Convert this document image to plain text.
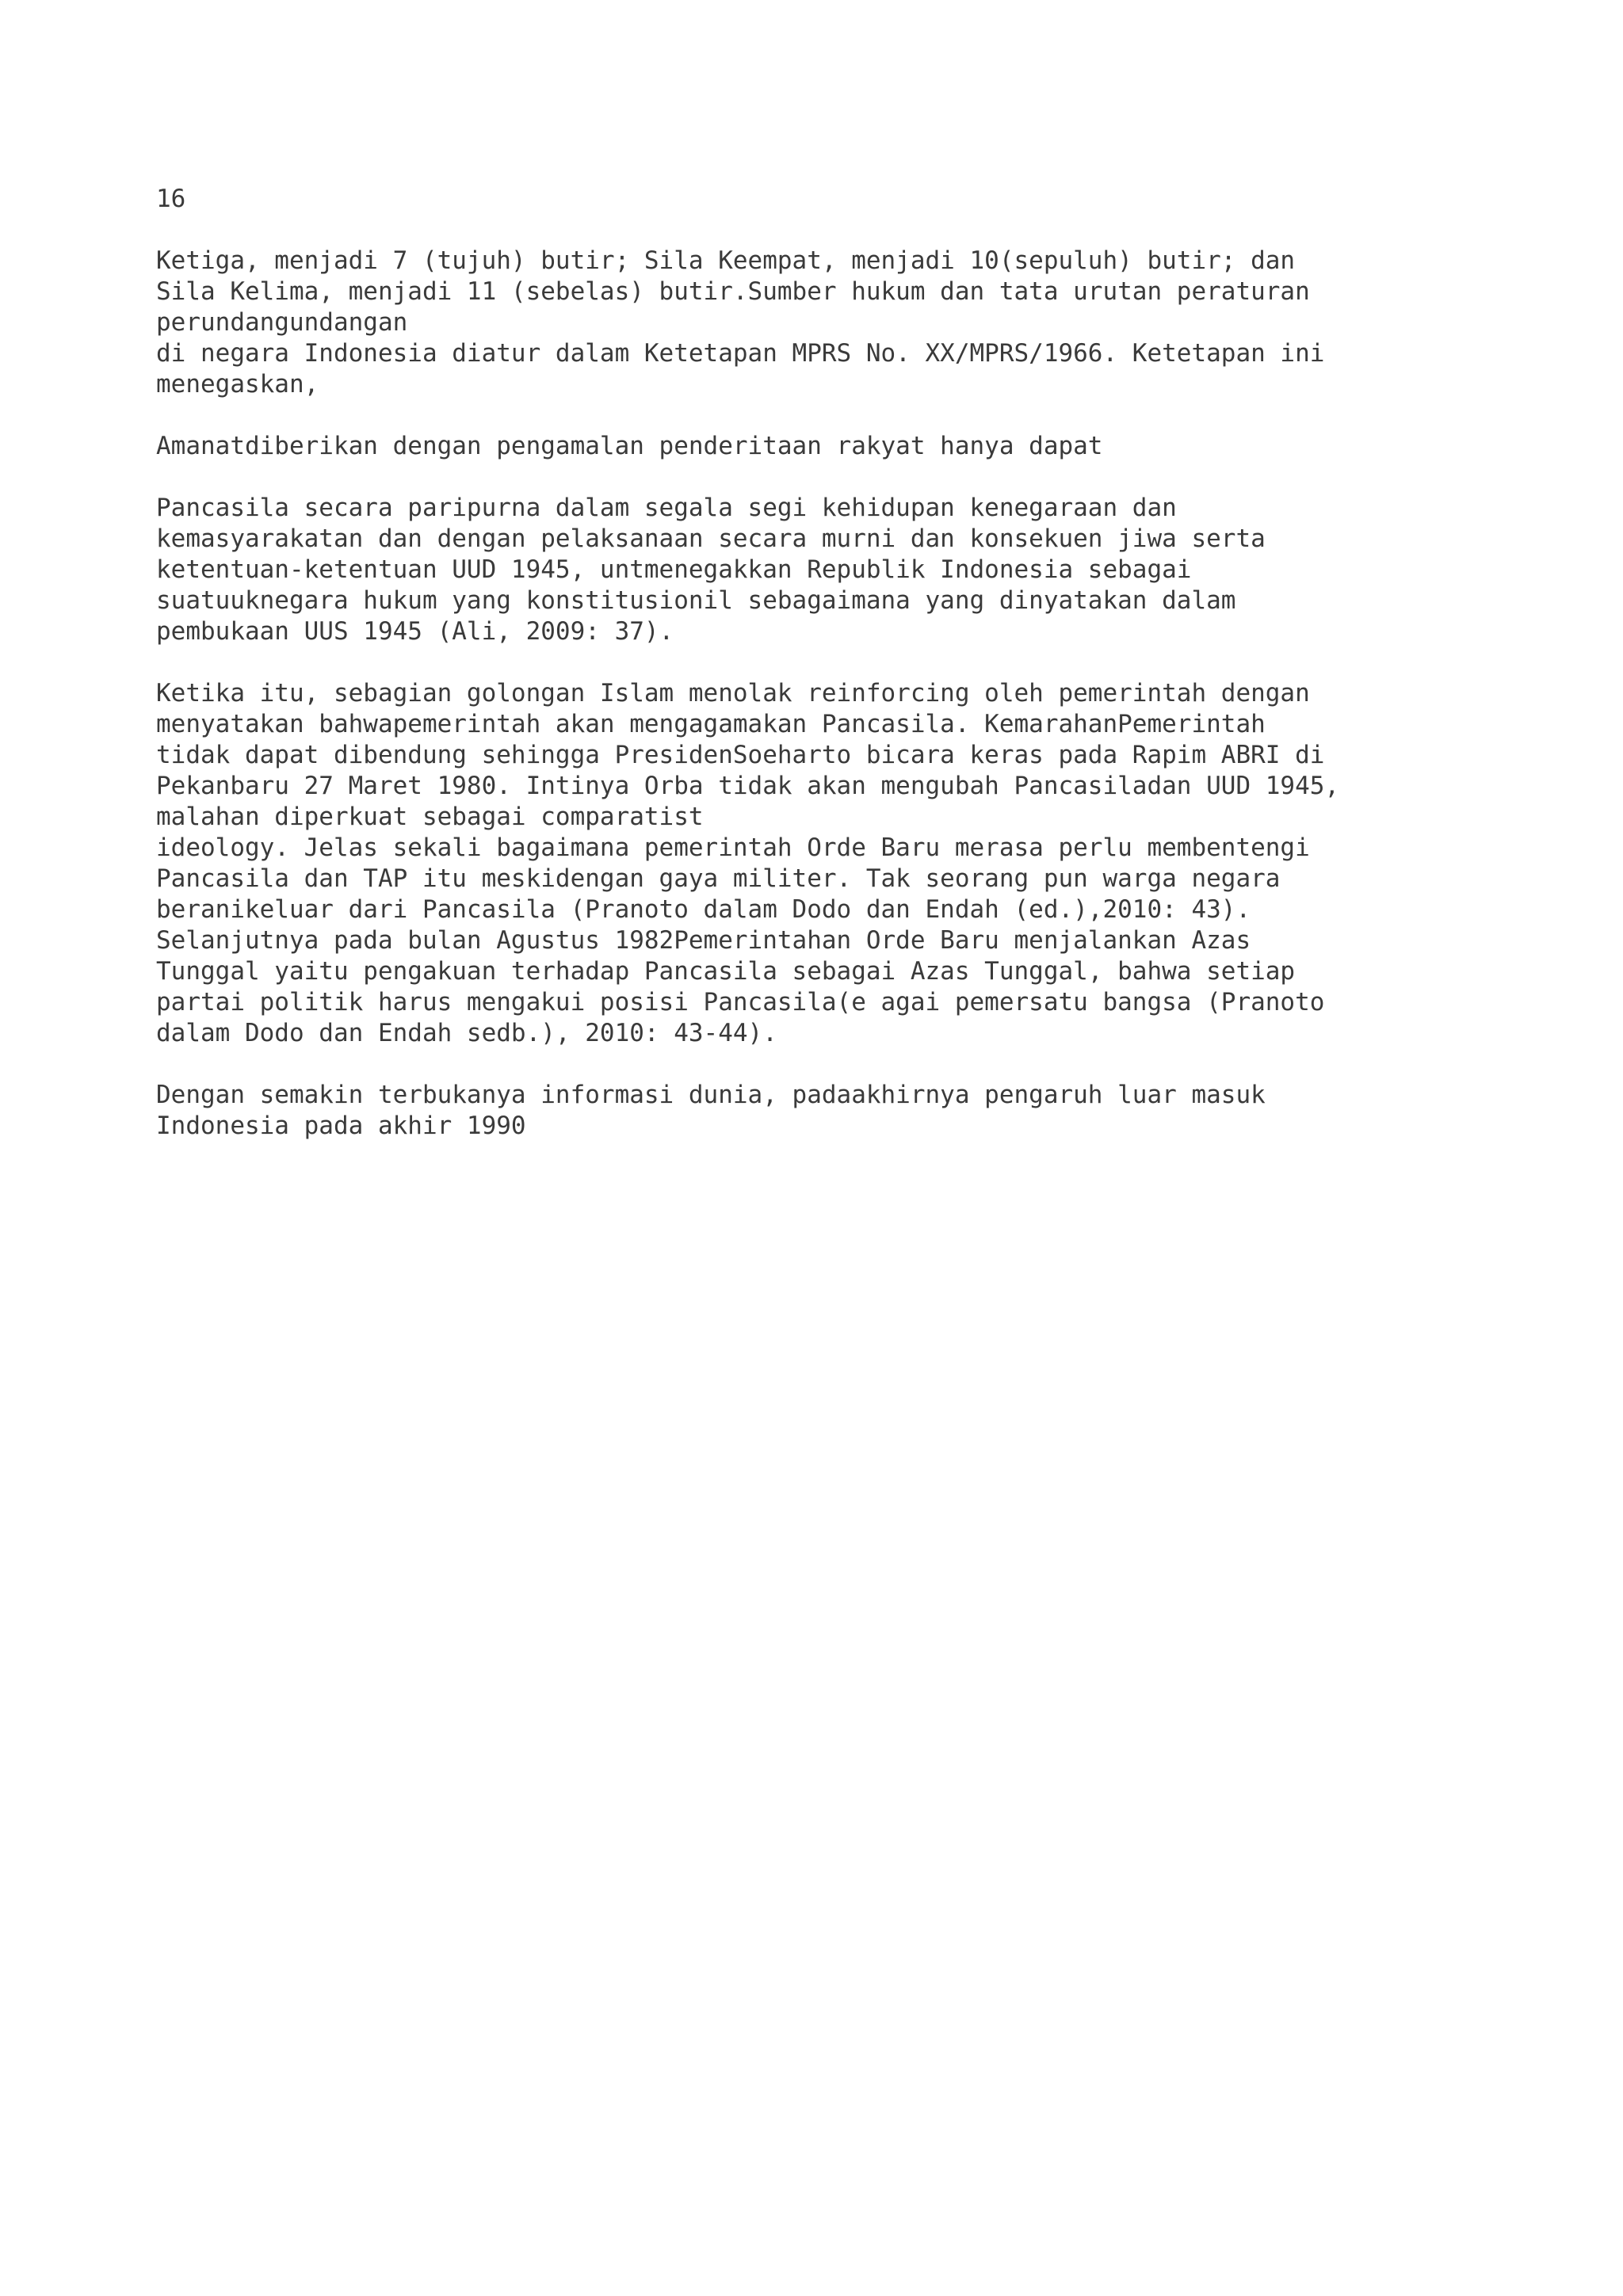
16
Ketiga, menjadi 7 (tujuh) butir; Sila Keempat, menjadi 10(sepuluh) butir; dan
Sila Kelima, menjadi 11 (sebelas) butir.Sumber hukum dan tata urutan peraturan
perundangundangan
di negara Indonesia diatur dalam Ketetapan MPRS No. XX/MPRS/1966. Ketetapan ini
menegaskan,
Amanatdiberikan dengan pengamalan penderitaan rakyat hanya dapat
Pancasila secara paripurna dalam segala segi kehidupan kenegaraan dan
kemasyarakatan dan dengan pelaksanaan secara murni dan konsekuen jiwa serta
ketentuan-ketentuan UUD 1945, untmenegakkan Republik Indonesia sebagai
suatuuknegara hukum yang konstitusionil sebagaimana yang dinyatakan dalam
pembukaan UUS 1945 (Ali, 2009: 37).
Ketika itu, sebagian golongan Islam menolak reinforcing oleh pemerintah dengan
menyatakan bahwapemerintah akan mengagamakan Pancasila. KemarahanPemerintah
tidak dapat dibendung sehingga PresidenSoeharto bicara keras pada Rapim ABRI di
Pekanbaru 27 Maret 1980. Intinya Orba tidak akan mengubah Pancasiladan UUD 1945,
malahan diperkuat sebagai comparatist
ideology. Jelas sekali bagaimana pemerintah Orde Baru merasa perlu membentengi
Pancasila dan TAP itu meskidengan gaya militer. Tak seorang pun warga negara
beranikeluar dari Pancasila (Pranoto dalam Dodo dan Endah (ed.),2010: 43).
Selanjutnya pada bulan Agustus 1982Pemerintahan Orde Baru menjalankan Azas
Tunggal yaitu pengakuan terhadap Pancasila sebagai Azas Tunggal, bahwa setiap
partai politik harus mengakui posisi Pancasila(e agai pemersatu bangsa (Pranoto
dalam Dodo dan Endah sedb.), 2010: 43-44).
Dengan semakin terbukanya informasi dunia, padaakhirnya pengaruh luar masuk
Indonesia pada akhir 1990
